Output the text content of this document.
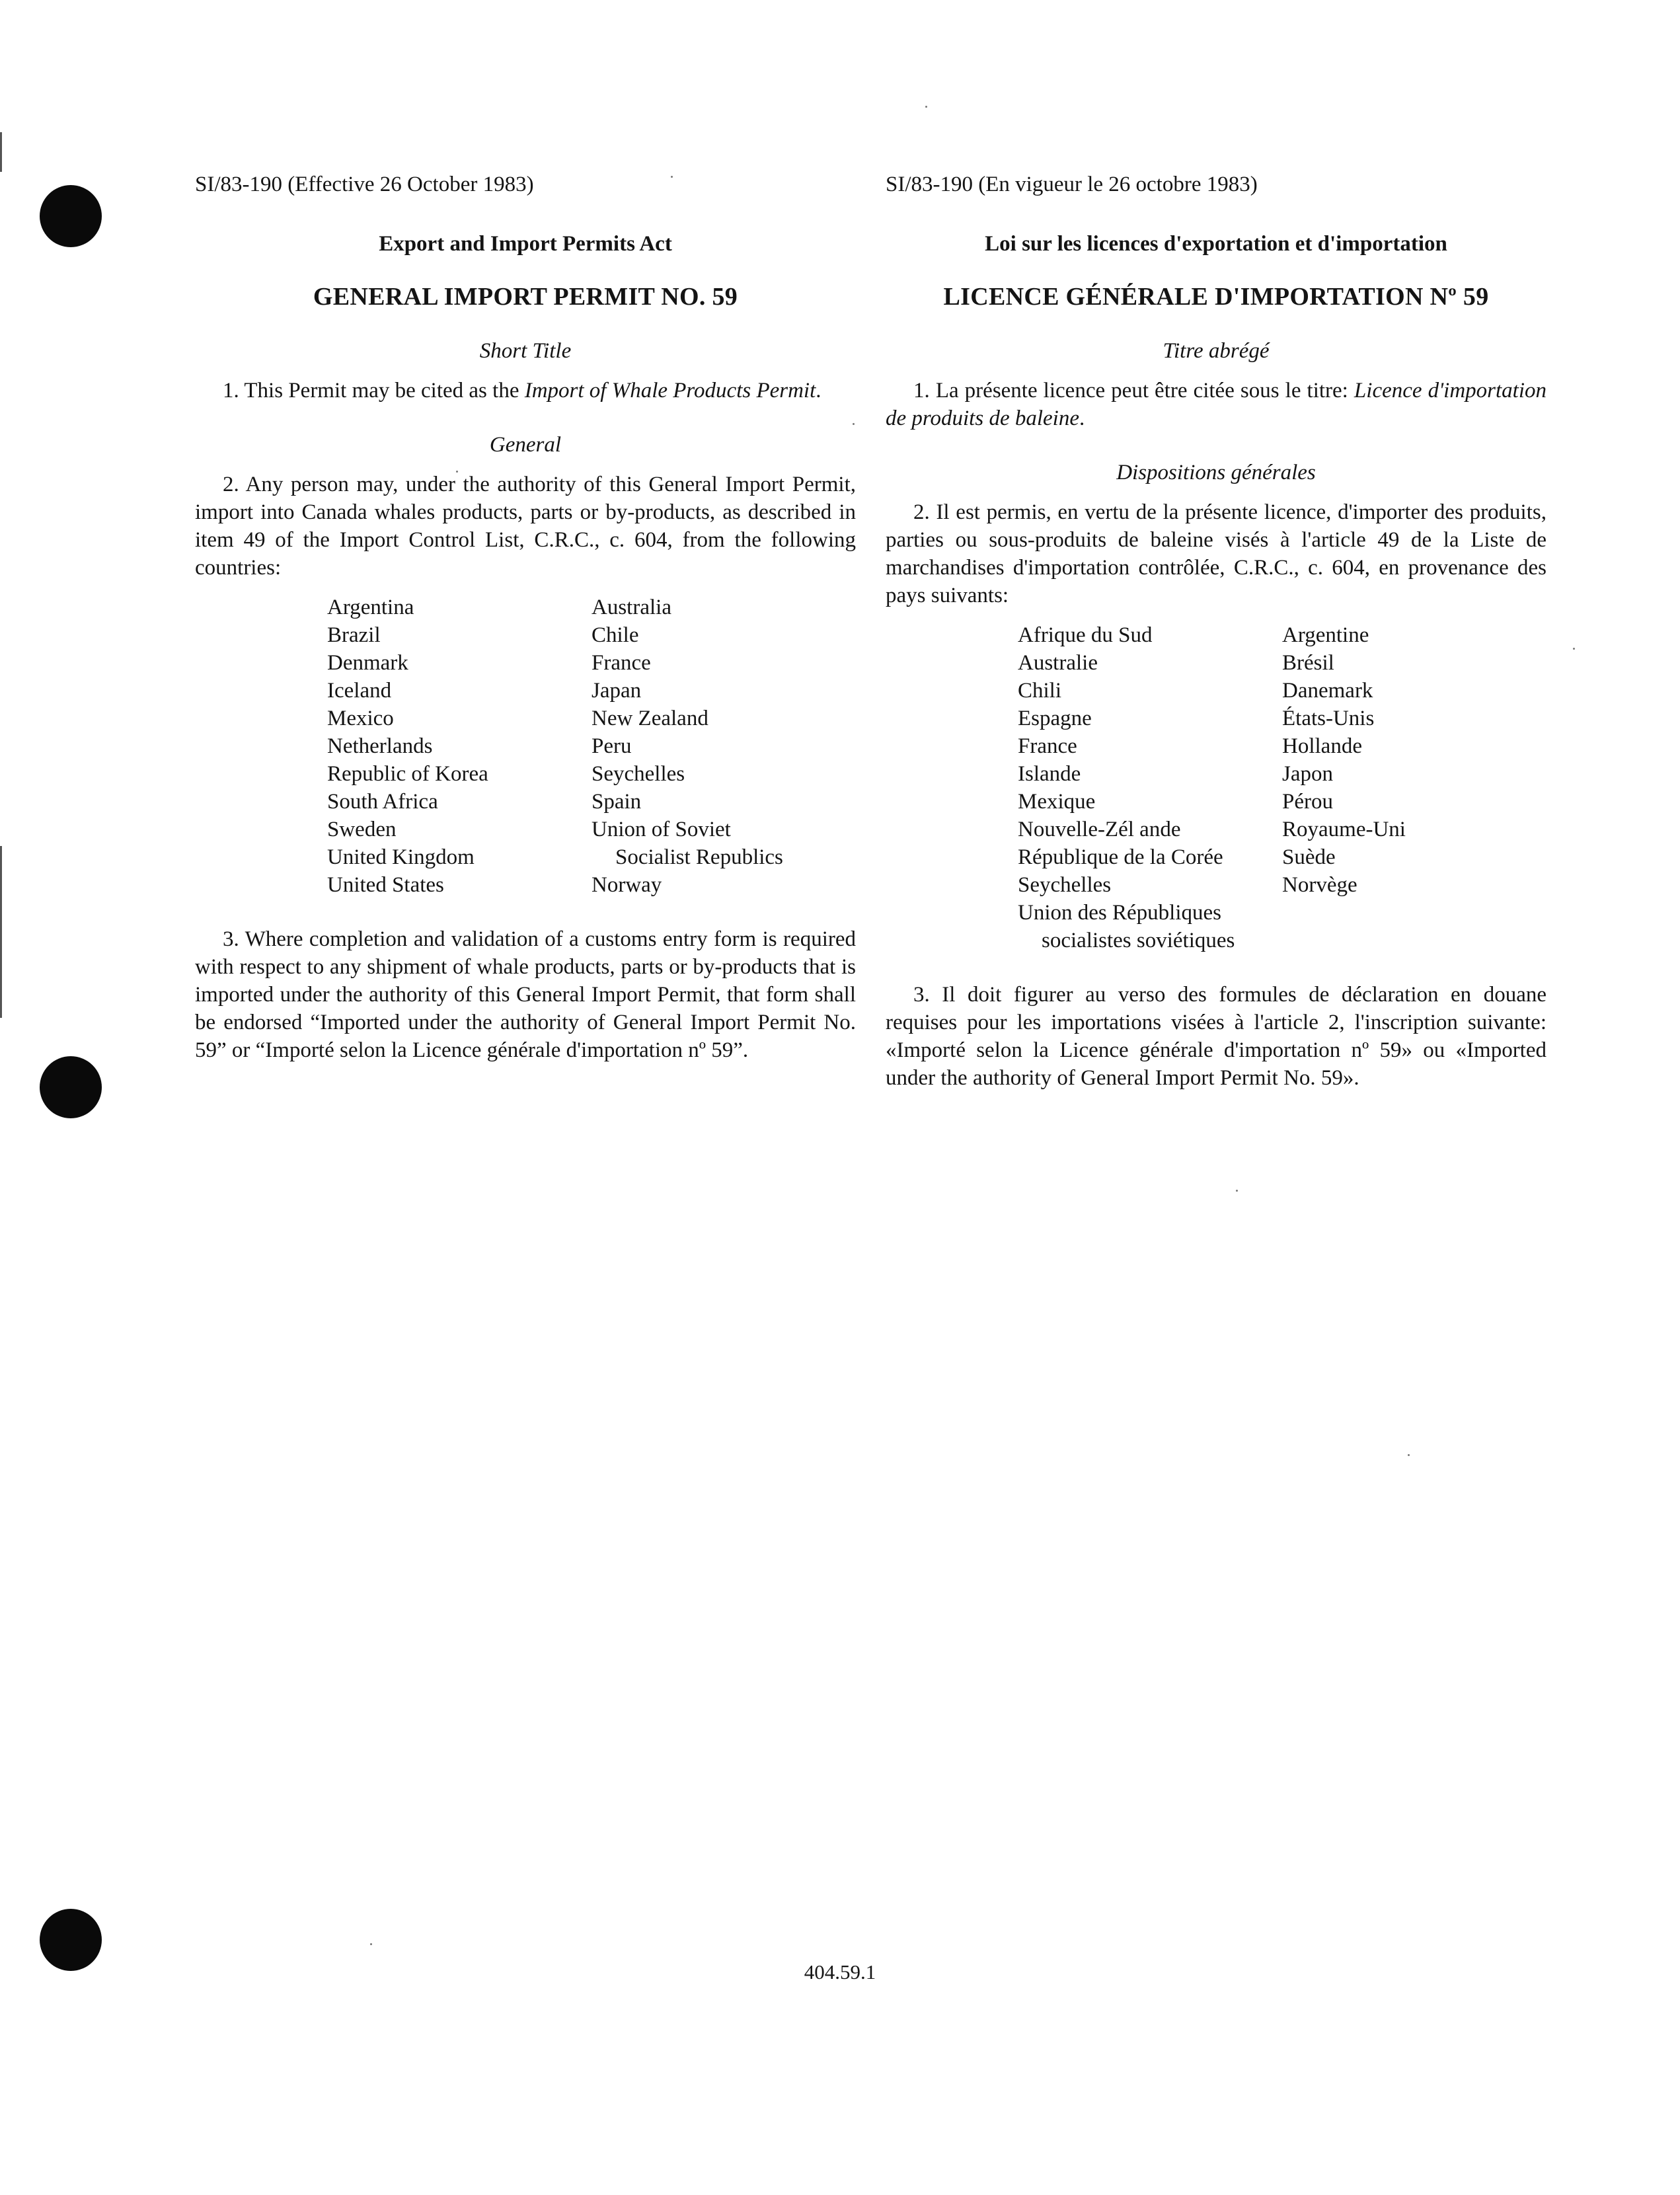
SI/83-190 (Effective 26 October 1983)

Export and Import Permits Act
GENERAL IMPORT PERMIT NO. 59
Short Title

1. This Permit may be cited as the Import of Whale Products Permit.

General

2. Any person may, under the authority of this General Import Permit, import into Canada whales products, parts or by-products, as described in item 49 of the Import Control List, C.R.C., c. 604, from the following countries:

Argentina	Australia
Brazil	Chile
Denmark	France
Iceland	Japan
Mexico	New Zealand
Netherlands	Peru
Republic of Korea	Seychelles
South Africa	Spain
Sweden	Union of Soviet
United Kingdom	Socialist Republics
United States	Norway

3. Where completion and validation of a customs entry form is required with respect to any shipment of whale products, parts or by-products that is imported under the authority of this General Import Permit, that form shall be endorsed “Imported under the authority of General Import Permit No. 59” or “Importé selon la Licence générale d'importation nº 59”.

SI/83-190 (En vigueur le 26 octobre 1983)

Loi sur les licences d'exportation et d'importation
LICENCE GÉNÉRALE D'IMPORTATION Nº 59
Titre abrégé

1. La présente licence peut être citée sous le titre: Licence d'importation de produits de baleine.

Dispositions générales

2. Il est permis, en vertu de la présente licence, d'importer des produits, parties ou sous-produits de baleine visés à l'article 49 de la Liste de marchandises d'importation contrôlée, C.R.C., c. 604, en provenance des pays suivants:

Afrique du Sud	Argentine
Australie	Brésil
Chili	Danemark
Espagne	États-Unis
France	Hollande
Islande	Japon
Mexique	Pérou
Nouvelle-Zél ande	Royaume-Uni
République de la Corée	Suède
Seychelles	Norvège
Union des Républiques
socialistes soviétiques

3. Il doit figurer au verso des formules de déclaration en douane requises pour les importations visées à l'article 2, l'inscription suivante: «Importé selon la Licence générale d'importation nº 59» ou «Imported under the authority of General Import Permit No. 59».

404.59.1
